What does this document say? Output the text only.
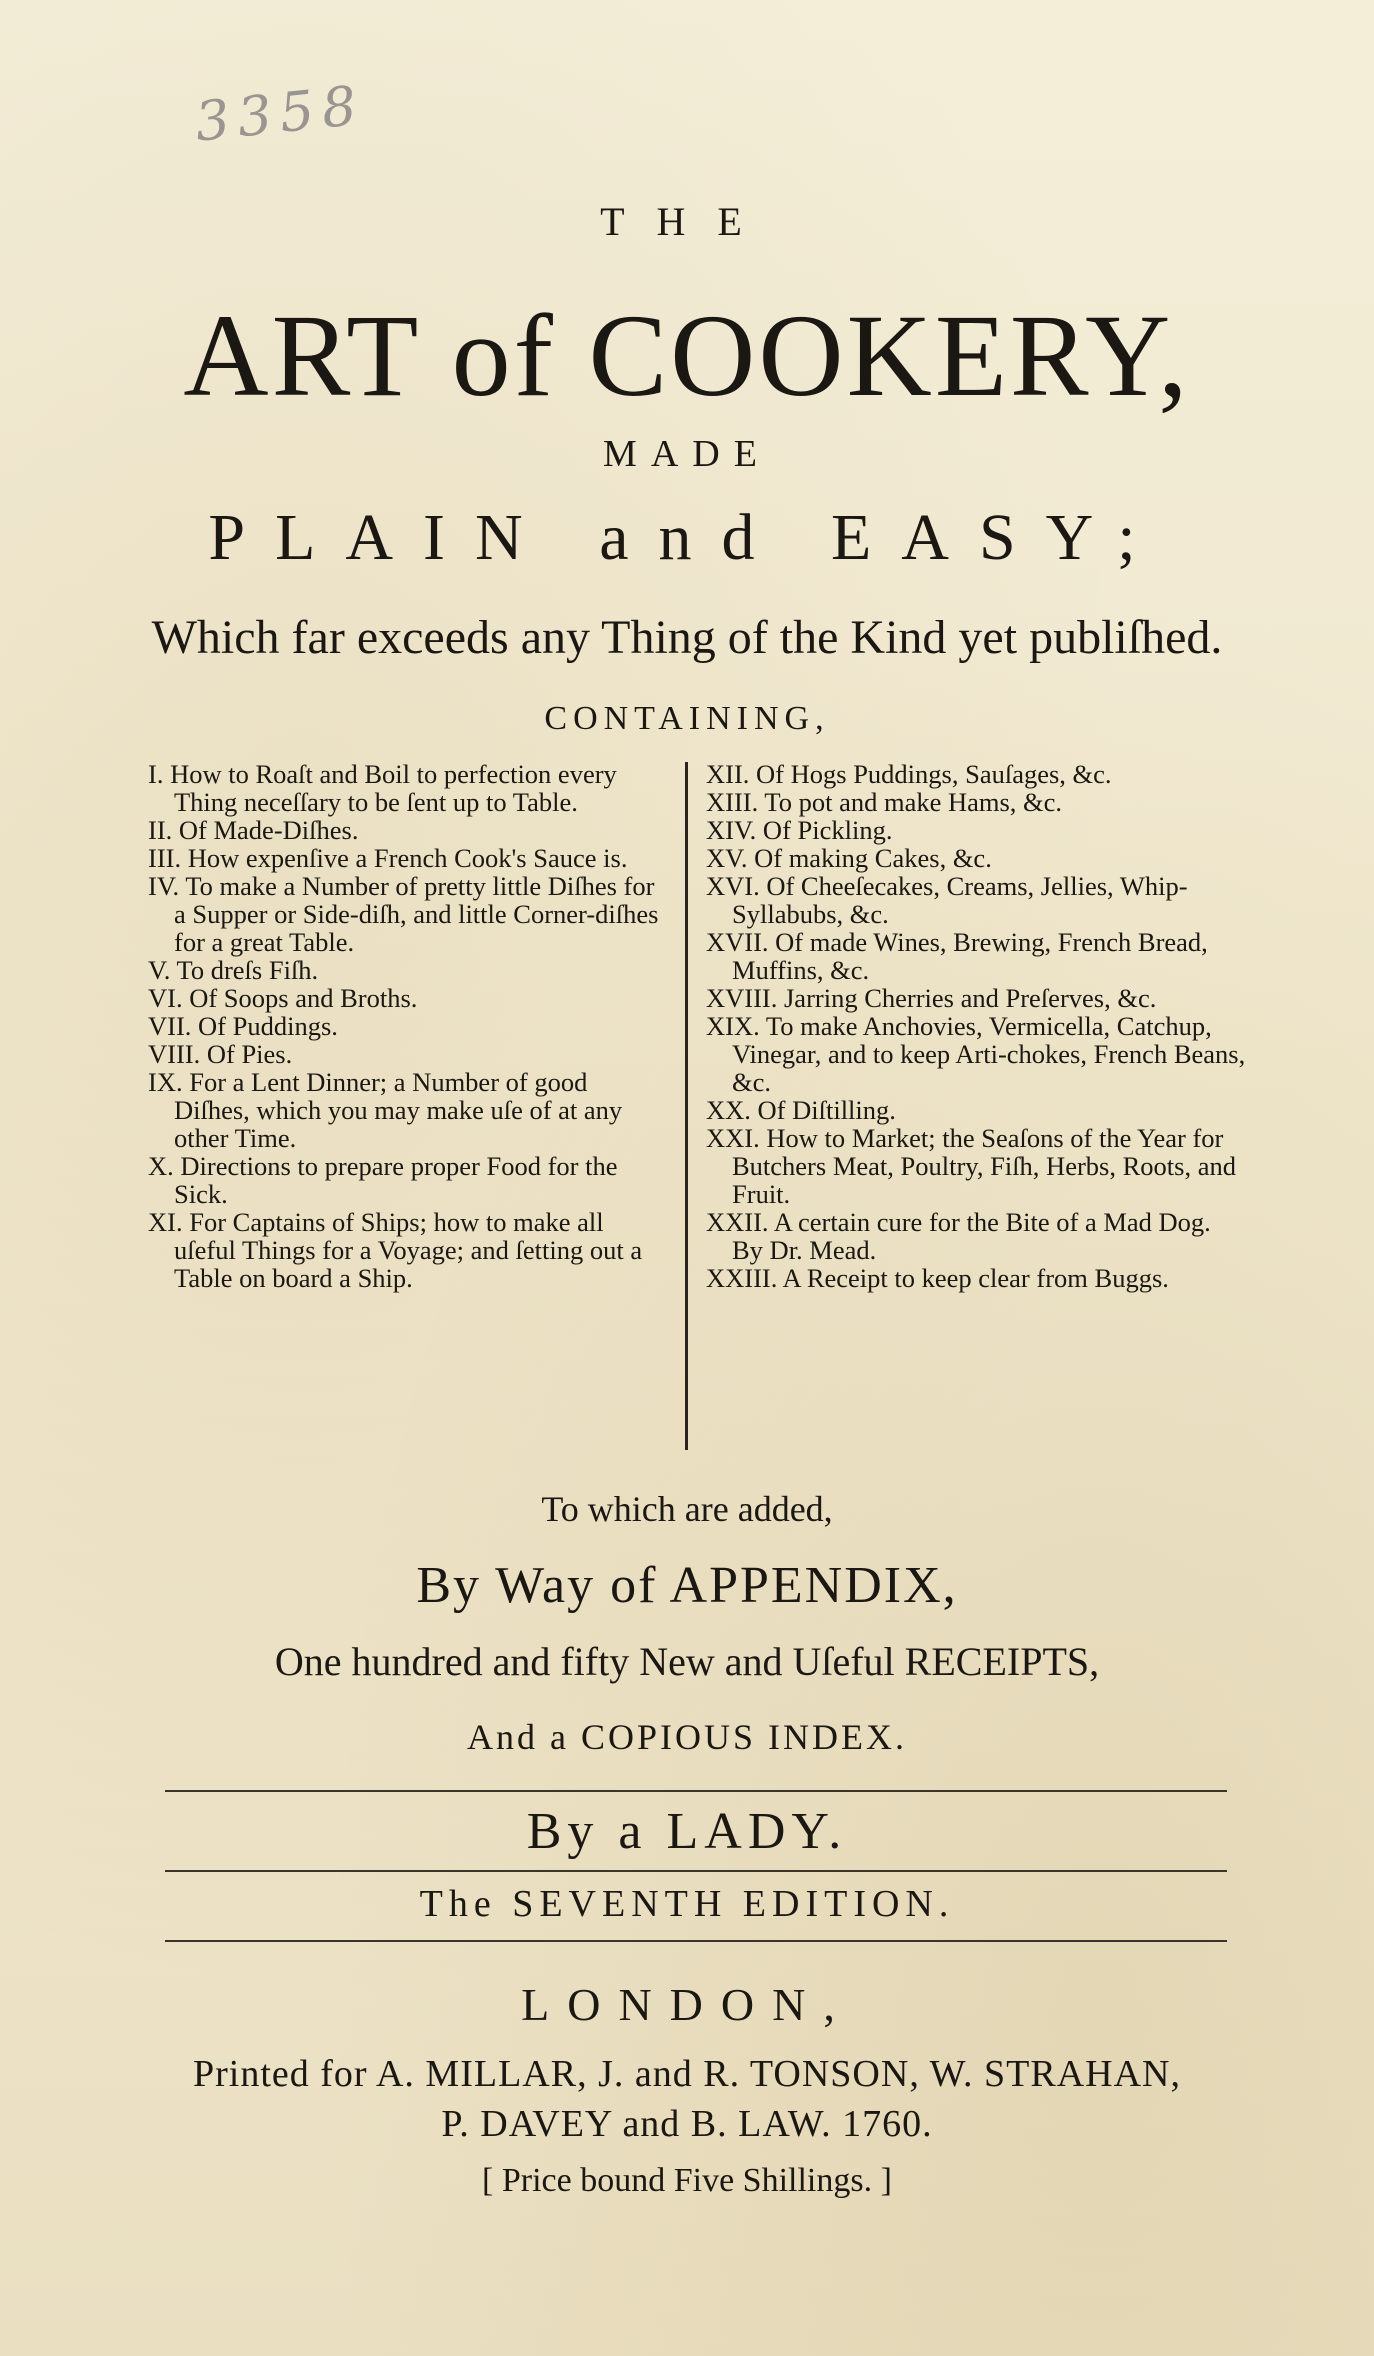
3358
THE
ART of COOKERY,
MADE
PLAIN and EASY;
Which far exceeds any Thing of the Kind yet publiſhed.
CONTAINING,

I. How to Roaſt and Boil to perfection every Thing neceſſary to be ſent up to Table.

II. Of Made-Diſhes.

III. How expenſive a French Cook's Sauce is.

IV. To make a Number of pretty little Diſhes for a Supper or Side-diſh, and little Corner-diſhes for a great Table.

V. To dreſs Fiſh.

VI. Of Soops and Broths.

VII. Of Puddings.

VIII. Of Pies.

IX. For a Lent Dinner; a Number of good Diſhes, which you may make uſe of at any other Time.

X. Directions to prepare proper Food for the Sick.

XI. For Captains of Ships; how to make all uſeful Things for a Voyage; and ſetting out a Table on board a Ship.

XII. Of Hogs Puddings, Sauſages, &c.

XIII. To pot and make Hams, &c.

XIV. Of Pickling.

XV. Of making Cakes, &c.

XVI. Of Cheeſecakes, Creams, Jellies, Whip-Syllabubs, &c.

XVII. Of made Wines, Brewing, French Bread, Muffins, &c.

XVIII. Jarring Cherries and Preſerves, &c.

XIX. To make Anchovies, Vermicella, Catchup, Vinegar, and to keep Arti-chokes, French Beans, &c.

XX. Of Diſtilling.

XXI. How to Market; the Seaſons of the Year for Butchers Meat, Poultry, Fiſh, Herbs, Roots, and Fruit.

XXII. A certain cure for the Bite of a Mad Dog. By Dr. Mead.

XXIII. A Receipt to keep clear from Buggs.

To which are added,
By Way of APPENDIX,
One hundred and fifty New and Uſeful RECEIPTS,
And a COPIOUS INDEX.
By a LADY.
The SEVENTH EDITION.
LONDON,
Printed for A. MILLAR, J. and R. TONSON, W. STRAHAN,
P. DAVEY and B. LAW. 1760.
[ Price bound Five Shillings. ]
